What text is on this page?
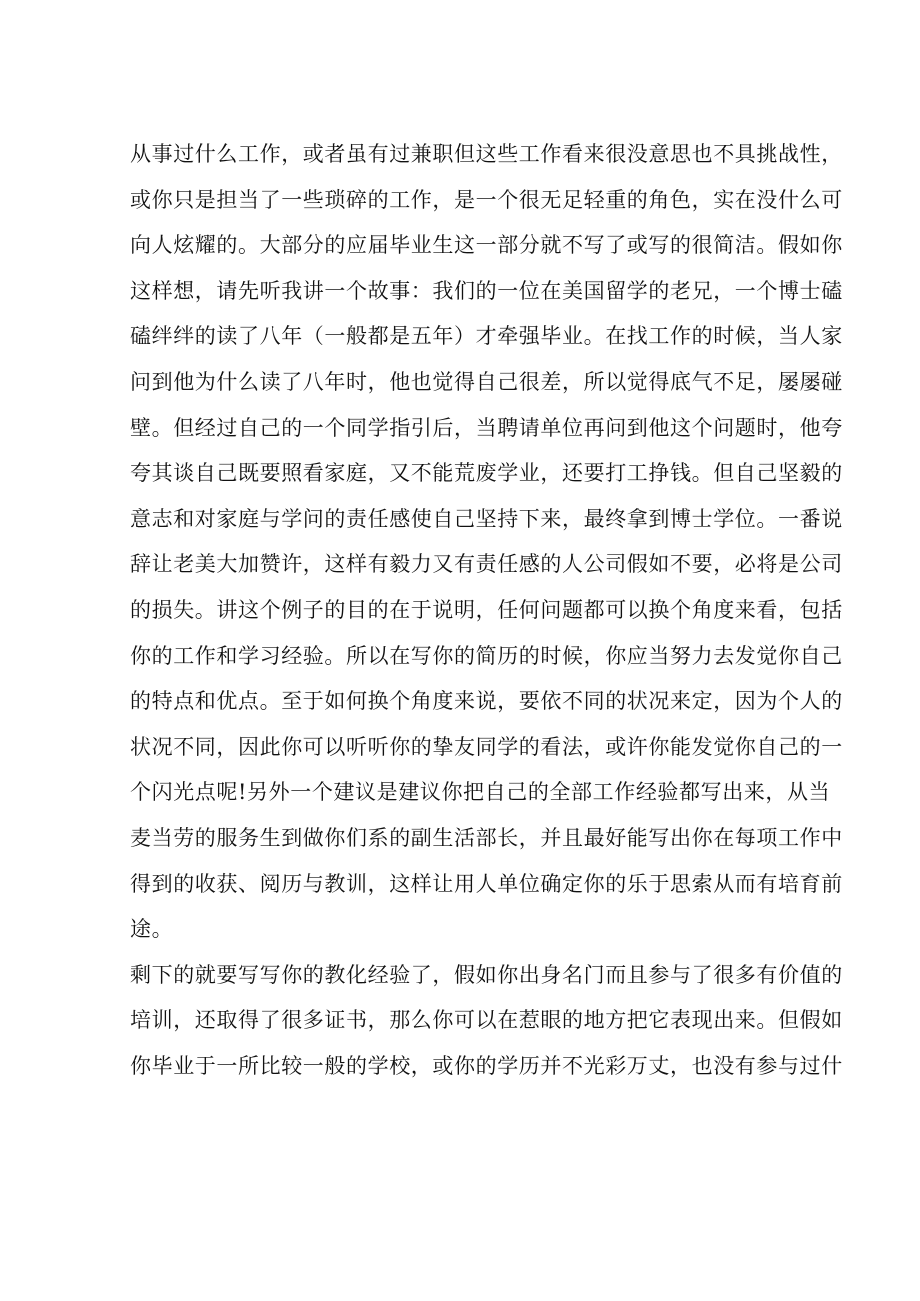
从事过什么工作，或者虽有过兼职但这些工作看来很没意思也不具挑战性，
或你只是担当了一些琐碎的工作，是一个很无足轻重的角色，实在没什么可
向人炫耀的。大部分的应届毕业生这一部分就不写了或写的很简洁。假如你
这样想，请先听我讲一个故事：我们的一位在美国留学的老兄，一个博士磕
磕绊绊的读了八年（一般都是五年）才牵强毕业。在找工作的时候，当人家
问到他为什么读了八年时，他也觉得自己很差，所以觉得底气不足，屡屡碰
壁。但经过自己的一个同学指引后，当聘请单位再问到他这个问题时，他夸
夸其谈自己既要照看家庭，又不能荒废学业，还要打工挣钱。但自己坚毅的
意志和对家庭与学问的责任感使自己坚持下来，最终拿到博士学位。一番说
辞让老美大加赞许，这样有毅力又有责任感的人公司假如不要，必将是公司
的损失。讲这个例子的目的在于说明，任何问题都可以换个角度来看，包括
你的工作和学习经验。所以在写你的简历的时候，你应当努力去发觉你自己
的特点和优点。至于如何换个角度来说，要依不同的状况来定，因为个人的
状况不同，因此你可以听听你的挚友同学的看法，或许你能发觉你自己的一
个闪光点呢!另外一个建议是建议你把自己的全部工作经验都写出来，从当
麦当劳的服务生到做你们系的副生活部长，并且最好能写出你在每项工作中
得到的收获、阅历与教训，这样让用人单位确定你的乐于思索从而有培育前
途。
剩下的就要写写你的教化经验了，假如你出身名门而且参与了很多有价值的
培训，还取得了很多证书，那么你可以在惹眼的地方把它表现出来。但假如
你毕业于一所比较一般的学校，或你的学历并不光彩万丈，也没有参与过什
